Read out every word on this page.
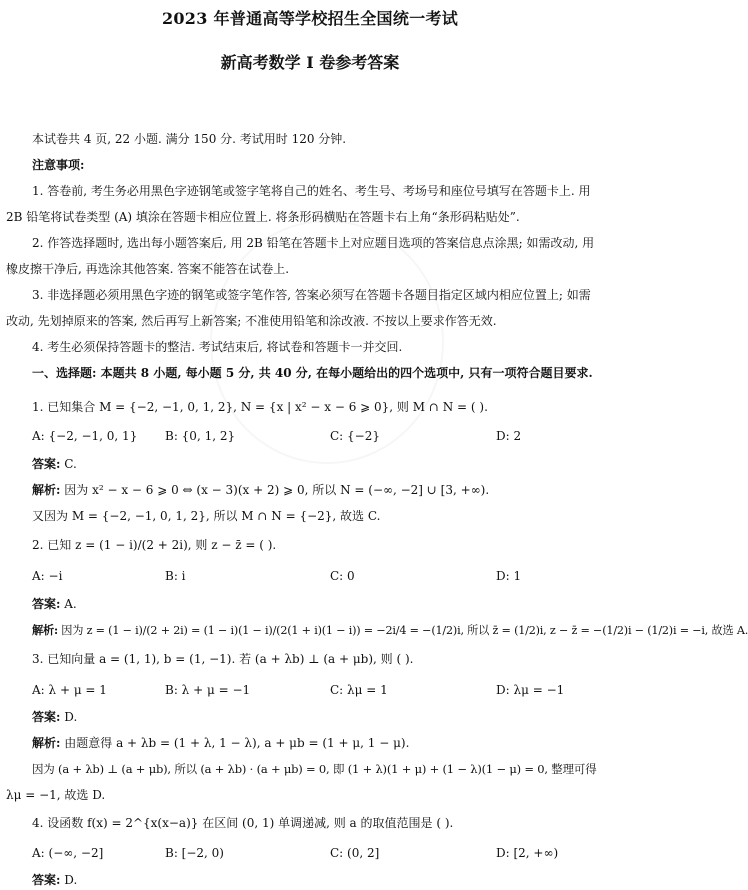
2023 年普通高等学校招生全国统一考试
新高考数学 I 卷参考答案
本试卷共 4 页, 22 小题. 满分 150 分. 考试用时 120 分钟.
注意事项:
1. 答卷前, 考生务必用黑色字迹钢笔或签字笔将自己的姓名、考生号、考场号和座位号填写在答题卡上. 用
2B 铅笔将试卷类型 (A) 填涂在答题卡相应位置上. 将条形码横贴在答题卡右上角“条形码粘贴处”.
2. 作答选择题时, 选出每小题答案后, 用 2B 铅笔在答题卡上对应题目选项的答案信息点涂黑; 如需改动, 用
橡皮擦干净后, 再选涂其他答案. 答案不能答在试卷上.
3. 非选择题必须用黑色字迹的钢笔或签字笔作答, 答案必须写在答题卡各题目指定区域内相应位置上; 如需
改动, 先划掉原来的答案, 然后再写上新答案; 不准使用铅笔和涂改液. 不按以上要求作答无效.
4. 考生必须保持答题卡的整洁. 考试结束后, 将试卷和答题卡一并交回.
一、选择题: 本题共 8 小题, 每小题 5 分, 共 40 分, 在每小题给出的四个选项中, 只有一项符合题目要求.
1. 已知集合 M = {−2, −1, 0, 1, 2}, N = {x | x² − x − 6 ⩾ 0}, 则 M ∩ N = ( ).
A: {−2, −1, 0, 1} B: {0, 1, 2}	C: {−2}	D: 2
答案: C.
解析: 因为 x² − x − 6 ⩾ 0 ⇔ (x − 3)(x + 2) ⩾ 0, 所以 N = (−∞, −2] ∪ [3, +∞).
又因为 M = {−2, −1, 0, 1, 2}, 所以 M ∩ N = {−2}, 故选 C.
2. 已知 z = (1 − i)/(2 + 2i), 则 z − z̄ = ( ).
A: −i	B: i	C: 0	D: 1
答案: A.
解析: 因为 z = (1 − i)/(2 + 2i) = (1 − i)(1 − i)/(2(1 + i)(1 − i)) = −2i/4 = −(1/2)i, 所以 z̄ = (1/2)i, z − z̄ = −(1/2)i − (1/2)i = −i, 故选 A.
3. 已知向量 a = (1, 1), b = (1, −1). 若 (a + λb) ⊥ (a + μb), 则 ( ).
A: λ + μ = 1	B: λ + μ = −1	C: λμ = 1	D: λμ = −1
答案: D.
解析: 由题意得 a + λb = (1 + λ, 1 − λ), a + μb = (1 + μ, 1 − μ).
因为 (a + λb) ⊥ (a + μb), 所以 (a + λb) · (a + μb) = 0, 即 (1 + λ)(1 + μ) + (1 − λ)(1 − μ) = 0, 整理可得
λμ = −1, 故选 D.
4. 设函数 f(x) = 2^{x(x−a)} 在区间 (0, 1) 单调递减, 则 a 的取值范围是 ( ).
A: (−∞, −2]	B: [−2, 0)	C: (0, 2]	D: [2, +∞)
答案: D.
